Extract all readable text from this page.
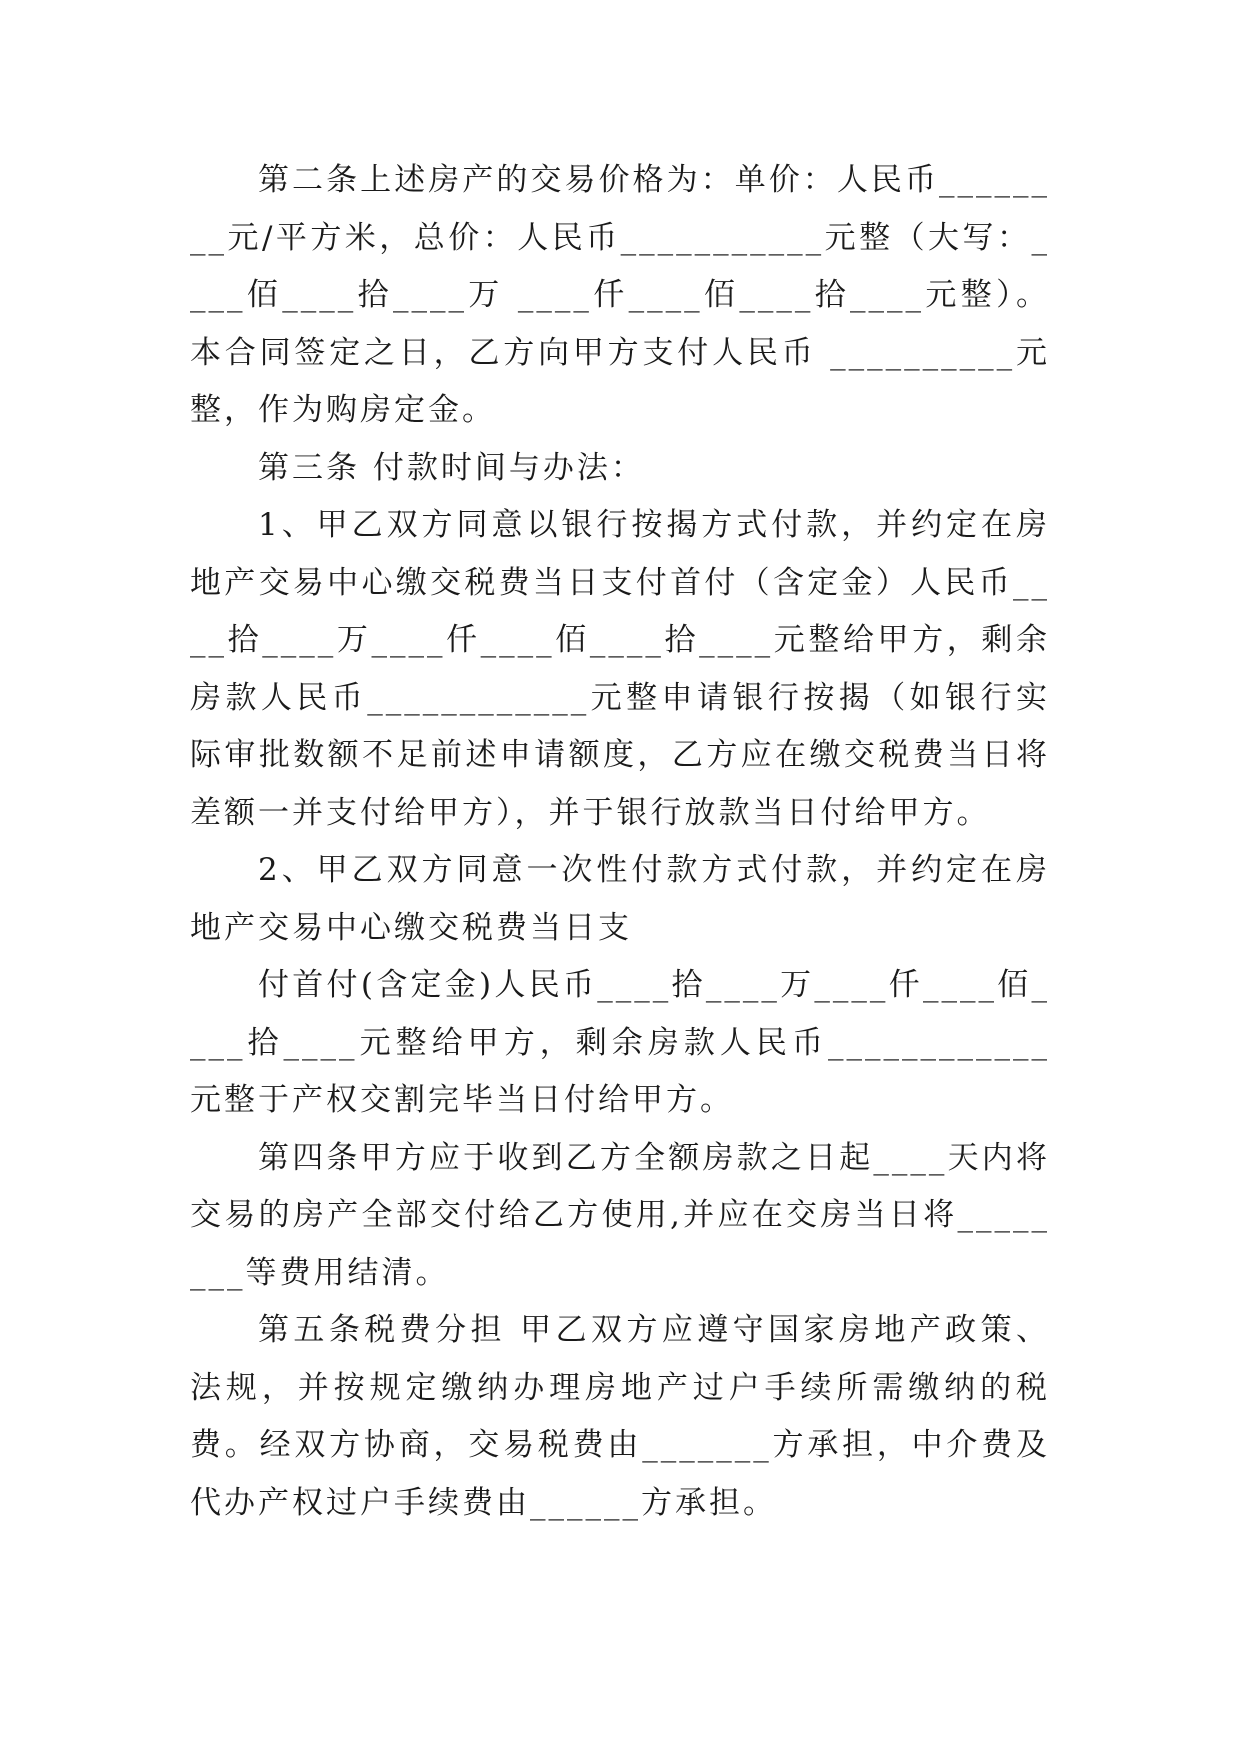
第二条上述房产的交易价格为：单价：人民币________元/平方米，总价：人民币___________元整（大写：____佰____拾____万 ____仟____佰____拾____元整）。本合同签定之日，乙方向甲方支付人民币 __________元整，作为购房定金。

第三条 付款时间与办法：

1、甲乙双方同意以银行按揭方式付款，并约定在房地产交易中心缴交税费当日支付首付（含定金）人民币____拾____万____仟____佰____拾____元整给甲方，剩余房款人民币____________元整申请银行按揭（如银行实际审批数额不足前述申请额度，乙方应在缴交税费当日将差额一并支付给甲方），并于银行放款当日付给甲方。

2、甲乙双方同意一次性付款方式付款，并约定在房地产交易中心缴交税费当日支

付首付(含定金)人民币____拾____万____仟____佰____拾____元整给甲方，剩余房款人民币____________元整于产权交割完毕当日付给甲方。

第四条甲方应于收到乙方全额房款之日起____天内将交易的房产全部交付给乙方使用,并应在交房当日将________等费用结清。

第五条税费分担 甲乙双方应遵守国家房地产政策、法规，并按规定缴纳办理房地产过户手续所需缴纳的税费。经双方协商，交易税费由_______方承担，中介费及代办产权过户手续费由______方承担。
